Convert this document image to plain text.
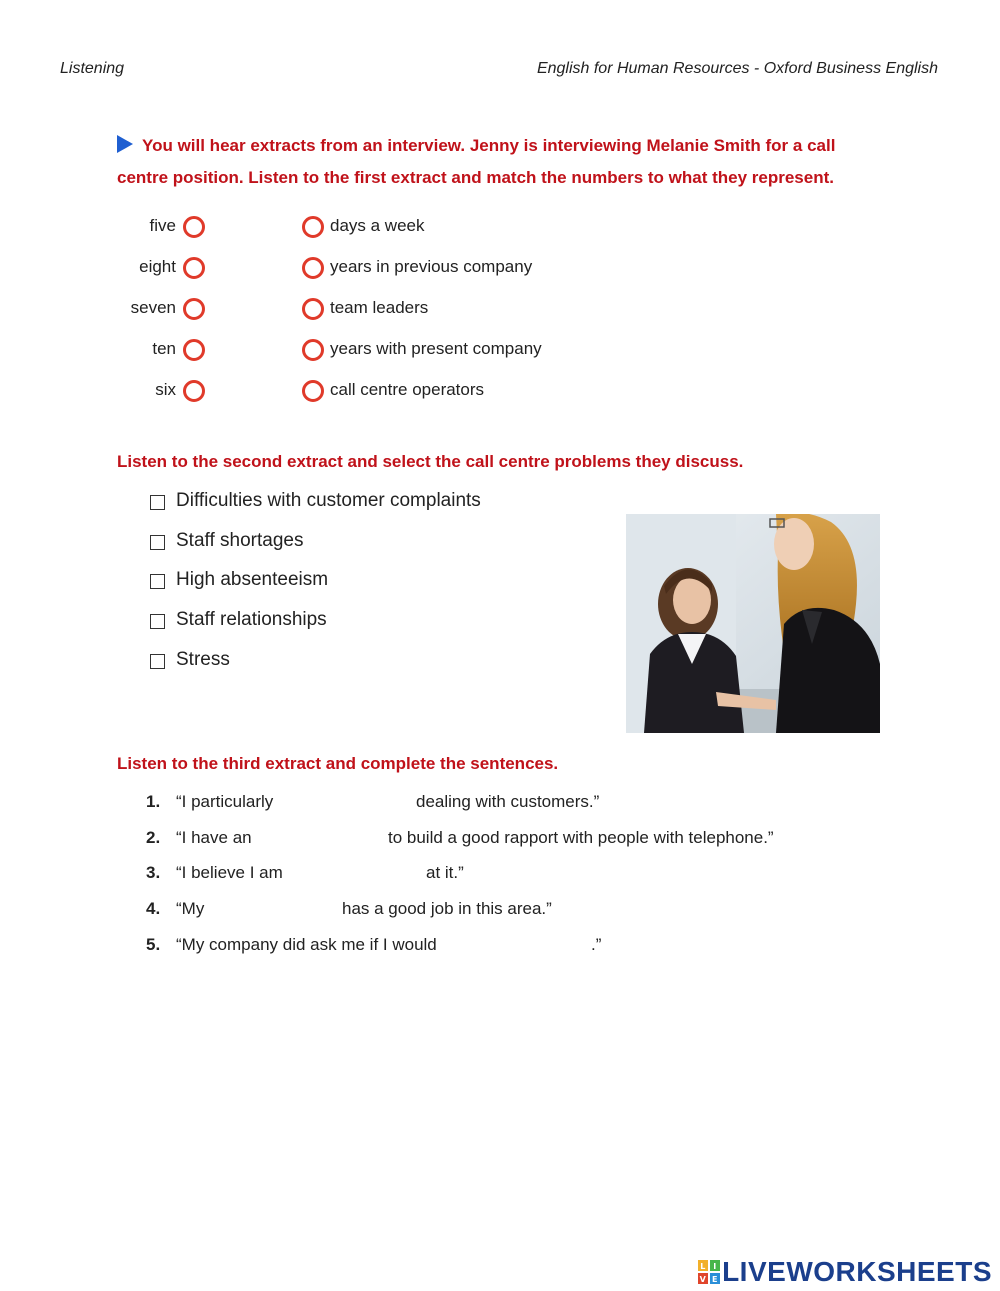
Listening	English for Human Resources - Oxford Business English
You will hear extracts from an interview. Jenny is interviewing Melanie Smith for a call
centre position. Listen to the first extract and match the numbers to what they represent.
five	days a week
eight	years in previous company
seven	team leaders
ten	years with present company
six	call centre operators
Listen to the second extract and select the call centre problems they discuss.
Difficulties with customer complaints
Staff shortages
High absenteeism
Staff relationships
Stress
Listen to the third extract and complete the sentences.
1. “I particularly	dealing with customers.”
2. “I have an	to build a good rapport with people with telephone.”
3. “I believe I am	at it.”
4. “My	has a good job in this area.”
5. “My company did ask me if I would	.”
L I
V E LIVEWORKSHEETS
